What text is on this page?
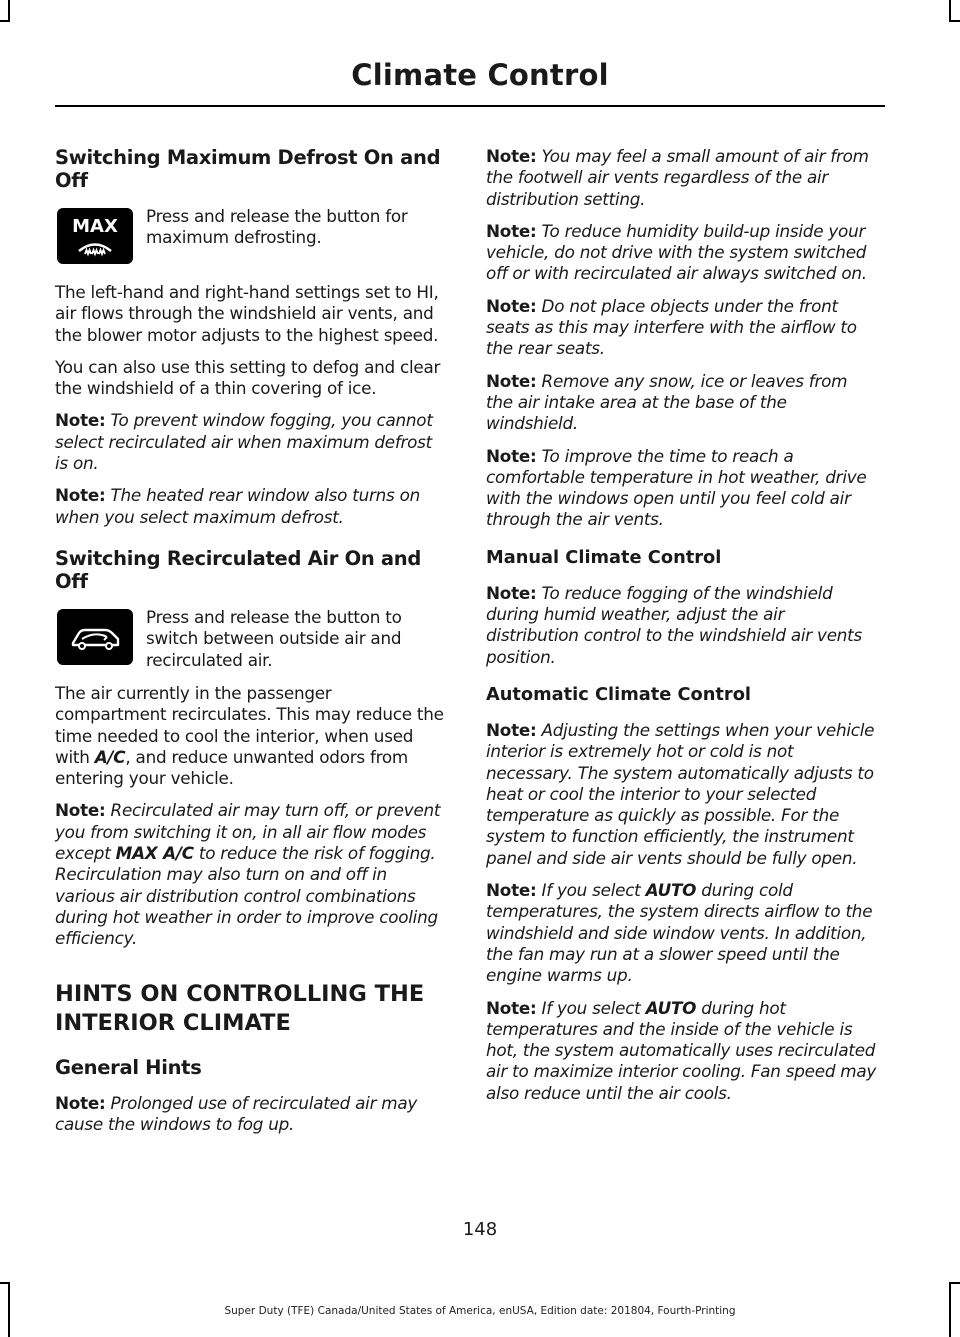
Climate Control
Switching Maximum Defrost On and Off
MAX Press and release the button for maximum defrosting.

The left-hand and right-hand settings set to HI, air flows through the windshield air vents, and the blower motor adjusts to the highest speed.

You can also use this setting to defog and clear the windshield of a thin covering of ice.

Note: To prevent window fogging, you cannot select recirculated air when maximum defrost is on.

Note: The heated rear window also turns on when you select maximum defrost.

Switching Recirculated Air On and Off

Press and release the button to switch between outside air and recirculated air.

The air currently in the passenger compartment recirculates. This may reduce the time needed to cool the interior, when used with A/C, and reduce unwanted odors from entering your vehicle.

Note: Recirculated air may turn off, or prevent you from switching it on, in all air flow modes except MAX A/C to reduce the risk of fogging. Recirculation may also turn on and off in various air distribution control combinations during hot weather in order to improve cooling efficiency.

HINTS ON CONTROLLING THE
INTERIOR CLIMATE
General Hints

Note: Prolonged use of recirculated air may cause the windows to fog up.

Note: You may feel a small amount of air from the footwell air vents regardless of the air distribution setting.

Note: To reduce humidity build-up inside your vehicle, do not drive with the system switched off or with recirculated air always switched on.

Note: Do not place objects under the front seats as this may interfere with the airflow to the rear seats.

Note: Remove any snow, ice or leaves from the air intake area at the base of the windshield.

Note: To improve the time to reach a comfortable temperature in hot weather, drive with the windows open until you feel cold air through the air vents.

Manual Climate Control

Note: To reduce fogging of the windshield during humid weather, adjust the air distribution control to the windshield air vents position.

Automatic Climate Control

Note: Adjusting the settings when your vehicle interior is extremely hot or cold is not necessary. The system automatically adjusts to heat or cool the interior to your selected temperature as quickly as possible. For the system to function efficiently, the instrument panel and side air vents should be fully open.

Note: If you select AUTO during cold temperatures, the system directs airflow to the windshield and side window vents. In addition, the fan may run at a slower speed until the engine warms up.

Note: If you select AUTO during hot temperatures and the inside of the vehicle is hot, the system automatically uses recirculated air to maximize interior cooling. Fan speed may also reduce until the air cools.

148
Super Duty (TFE) Canada/United States of America, enUSA, Edition date: 201804, Fourth-Printing
